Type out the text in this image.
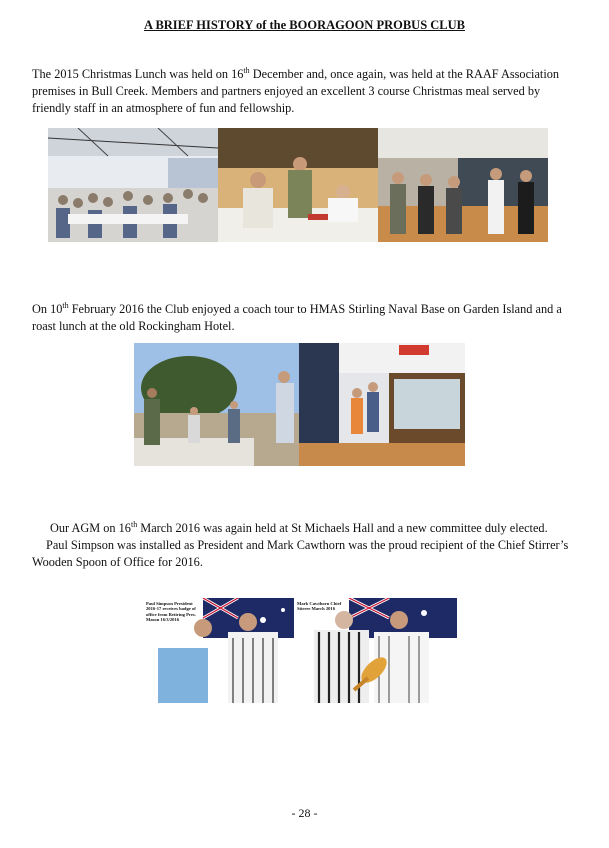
A BRIEF HISTORY of the BOORAGOON PROBUS CLUB

The 2015 Christmas Lunch was held on 16th December and, once again, was held at the RAAF Association premises in Bull Creek. Members and partners enjoyed an excellent 3 course Christmas meal served by friendly staff in an atmosphere of fun and fellowship.

On 10th February 2016 the Club enjoyed a coach tour to HMAS Stirling Naval Base on Garden Island and a roast lunch at the old Rockingham Hotel.

Our AGM on 16th March 2016 was again held at St Michaels Hall and a new committee duly elected.

Paul Simpson was installed as President and Mark Cawthorn was the proud recipient of the Chief Stirrer’s Wooden Spoon of Office for 2016.

Paul Simpson President 2016-17 receives badge of office from Retiring Pres. Mason 16/3/2016
Mark Cawthorn Chief Stirrer March 2016
- 28 -
